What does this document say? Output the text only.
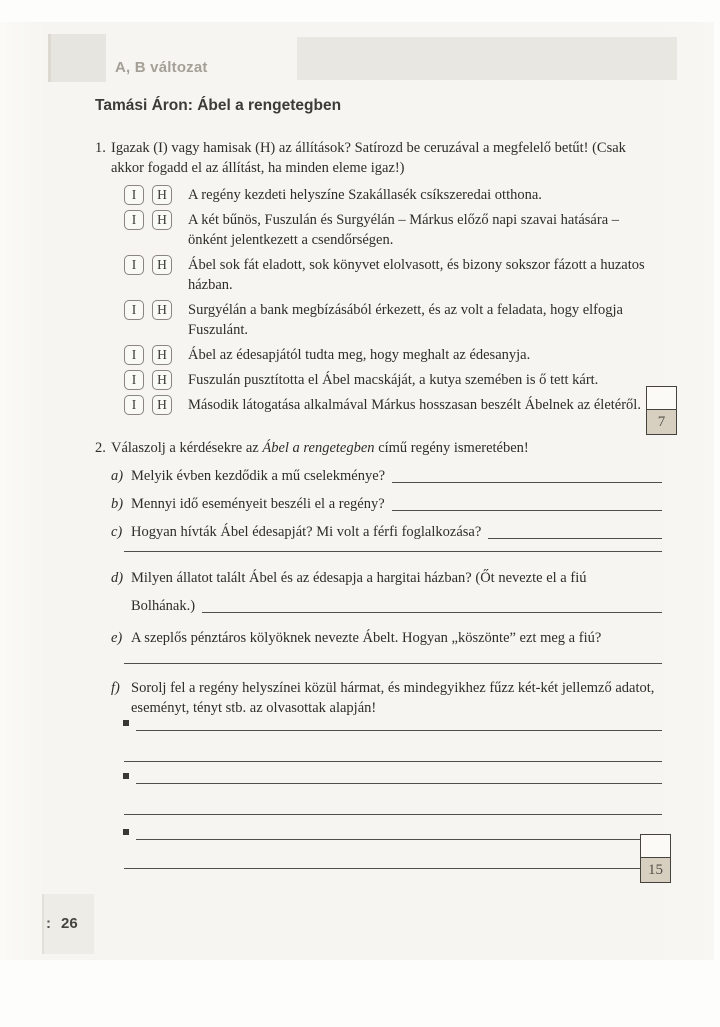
A, B változat
Tamási Áron: Ábel a rengetegben
1. Igazak (I) vagy hamisak (H) az állítások? Satírozd be ceruzával a megfelelő betűt! (Csak akkor fogadd el az állítást, ha minden eleme igaz!)
I	H	A regény kezdeti helyszíne Szakállasék csíkszeredai otthona.
I	H	A két bűnös, Fuszulán és Surgyélán – Márkus előző napi szavai hatására – önként jelentkezett a csendőrségen.
I	H	Ábel sok fát eladott, sok könyvet elolvasott, és bizony sokszor fázott a huzatos házban.
I	H	Surgyélán a bank megbízásából érkezett, és az volt a feladata, hogy elfogja Fuszulánt.
I	H	Ábel az édesapjától tudta meg, hogy meghalt az édesanyja.
I	H	Fuszulán pusztította el Ábel macskáját, a kutya szemében is ő tett kárt.
I	H	Második látogatása alkalmával Márkus hosszasan beszélt Ábelnek az életéről.
2. Válaszolj a kérdésekre az Ábel a rengetegben című regény ismeretében!
a) Melyik évben kezdődik a mű cselekménye?
b) Mennyi idő eseményeit beszéli el a regény?
c) Hogyan hívták Ábel édesapját? Mi volt a férfi foglalkozása?
d) Milyen állatot talált Ábel és az édesapja a hargitai házban? (Őt nevezte el a fiú
Bolhának.)
e) A szeplős pénztáros kölyöknek nevezte Ábelt. Hogyan „köszönte” ezt meg a fiú?
f) Sorolj fel a regény helyszínei közül hármat, és mindegyikhez fűzz két-két jellemző adatot, eseményt, tényt stb. az olvasottak alapján!
7
15
: 26
